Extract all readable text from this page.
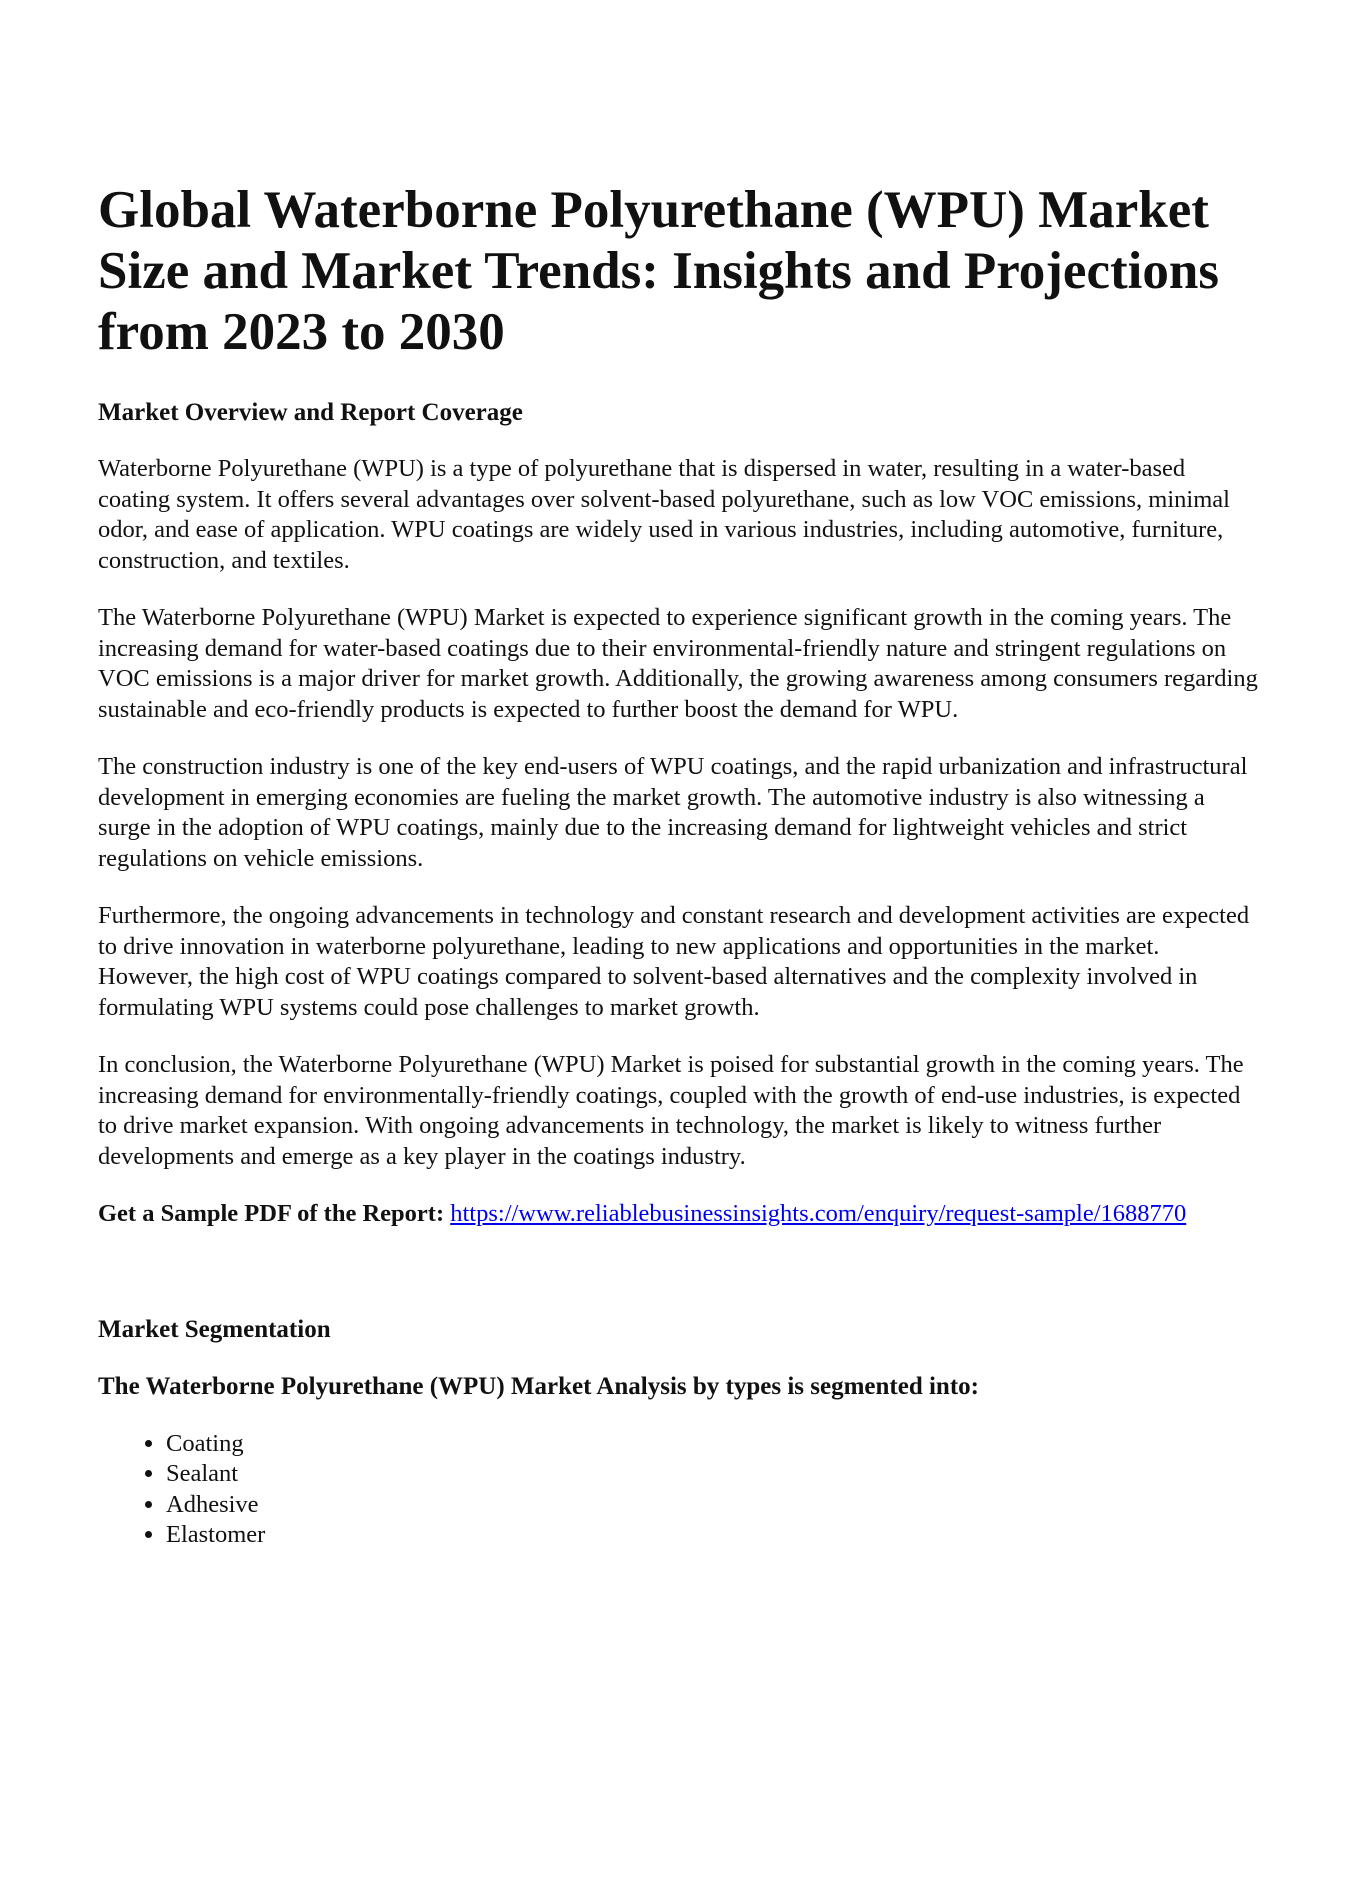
Global Waterborne Polyurethane (WPU) Market Size and Market Trends: Insights and Projections from 2023 to 2030
Market Overview and Report Coverage

Waterborne Polyurethane (WPU) is a type of polyurethane that is dispersed in water, resulting in a water-based coating system. It offers several advantages over solvent-based polyurethane, such as low VOC emissions, minimal odor, and ease of application. WPU coatings are widely used in various industries, including automotive, furniture, construction, and textiles.

The Waterborne Polyurethane (WPU) Market is expected to experience significant growth in the coming years. The increasing demand for water-based coatings due to their environmental-friendly nature and stringent regulations on VOC emissions is a major driver for market growth. Additionally, the growing awareness among consumers regarding sustainable and eco-friendly products is expected to further boost the demand for WPU.

The construction industry is one of the key end-users of WPU coatings, and the rapid urbanization and infrastructural development in emerging economies are fueling the market growth. The automotive industry is also witnessing a surge in the adoption of WPU coatings, mainly due to the increasing demand for lightweight vehicles and strict regulations on vehicle emissions.

Furthermore, the ongoing advancements in technology and constant research and development activities are expected to drive innovation in waterborne polyurethane, leading to new applications and opportunities in the market. However, the high cost of WPU coatings compared to solvent-based alternatives and the complexity involved in formulating WPU systems could pose challenges to market growth.

In conclusion, the Waterborne Polyurethane (WPU) Market is poised for substantial growth in the coming years. The increasing demand for environmentally-friendly coatings, coupled with the growth of end-use industries, is expected to drive market expansion. With ongoing advancements in technology, the market is likely to witness further developments and emerge as a key player in the coatings industry.

Get a Sample PDF of the Report: https://www.reliablebusinessinsights.com/enquiry/request-sample/1688770

Market Segmentation
The Waterborne Polyurethane (WPU) Market Analysis by types is segmented into:
• Coating
• Sealant
• Adhesive
• Elastomer
